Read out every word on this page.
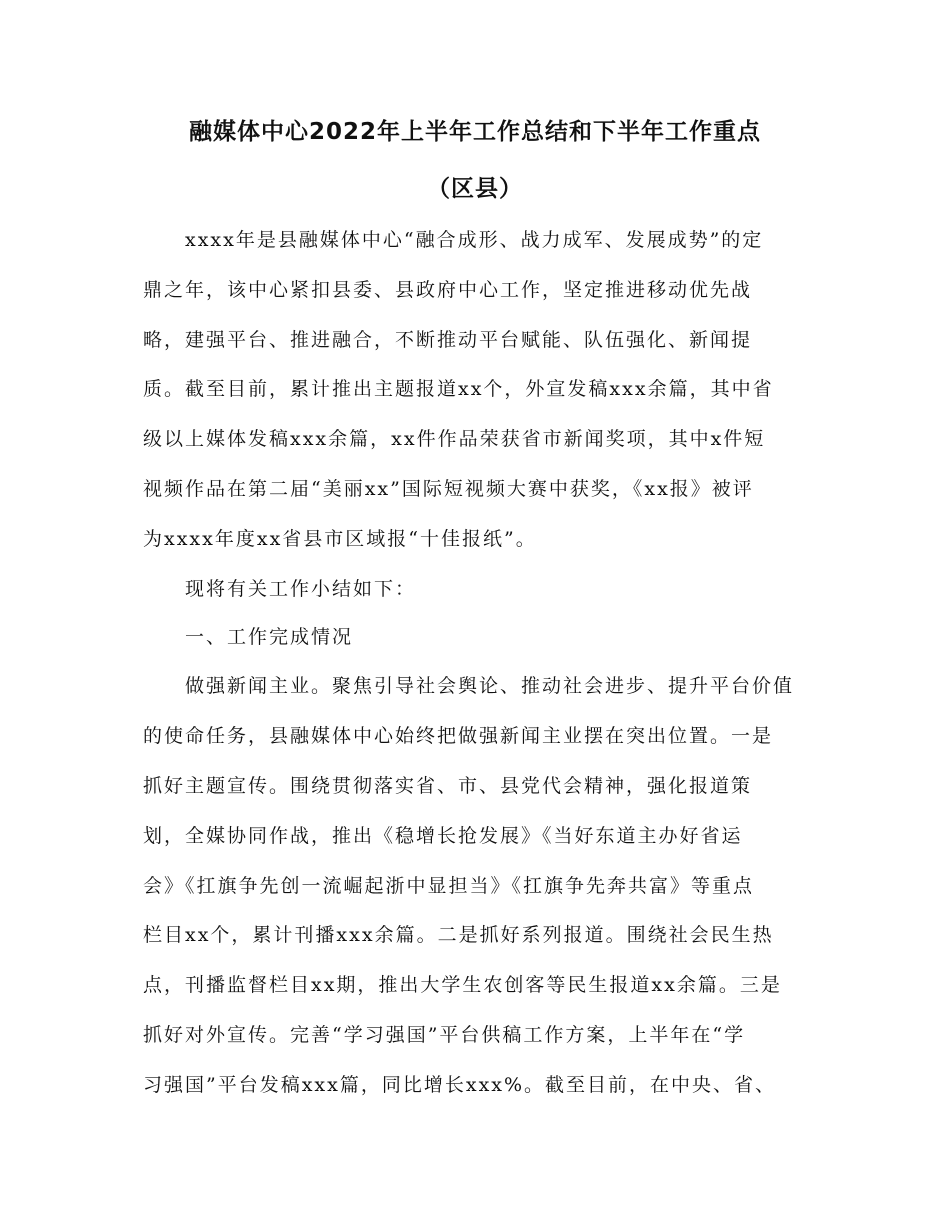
融媒体中心2022年上半年工作总结和下半年工作重点
（区县）
　　xxxx年是县融媒体中心“融合成形、战力成军、发展成势”的定
鼎之年，该中心紧扣县委、县政府中心工作，坚定推进移动优先战
略，建强平台、推进融合，不断推动平台赋能、队伍强化、新闻提
质。截至目前，累计推出主题报道xx个，外宣发稿xxx余篇，其中省
级以上媒体发稿xxx余篇，xx件作品荣获省市新闻奖项，其中x件短
视频作品在第二届“美丽xx”国际短视频大赛中获奖，《xx报》被评
为xxxx年度xx省县市区域报“十佳报纸”。
　　现将有关工作小结如下：
　　一、工作完成情况
　　做强新闻主业。聚焦引导社会舆论、推动社会进步、提升平台价值
的使命任务，县融媒体中心始终把做强新闻主业摆在突出位置。一是
抓好主题宣传。围绕贯彻落实省、市、县党代会精神，强化报道策
划，全媒协同作战，推出《稳增长抢发展》《当好东道主办好省运
会》《扛旗争先创一流崛起浙中显担当》《扛旗争先奔共富》等重点
栏目xx个，累计刊播xxx余篇。二是抓好系列报道。围绕社会民生热
点，刊播监督栏目xx期，推出大学生农创客等民生报道xx余篇。三是
抓好对外宣传。完善“学习强国”平台供稿工作方案，上半年在“学
习强国”平台发稿xxx篇，同比增长xxx%。截至目前，在中央、省、
